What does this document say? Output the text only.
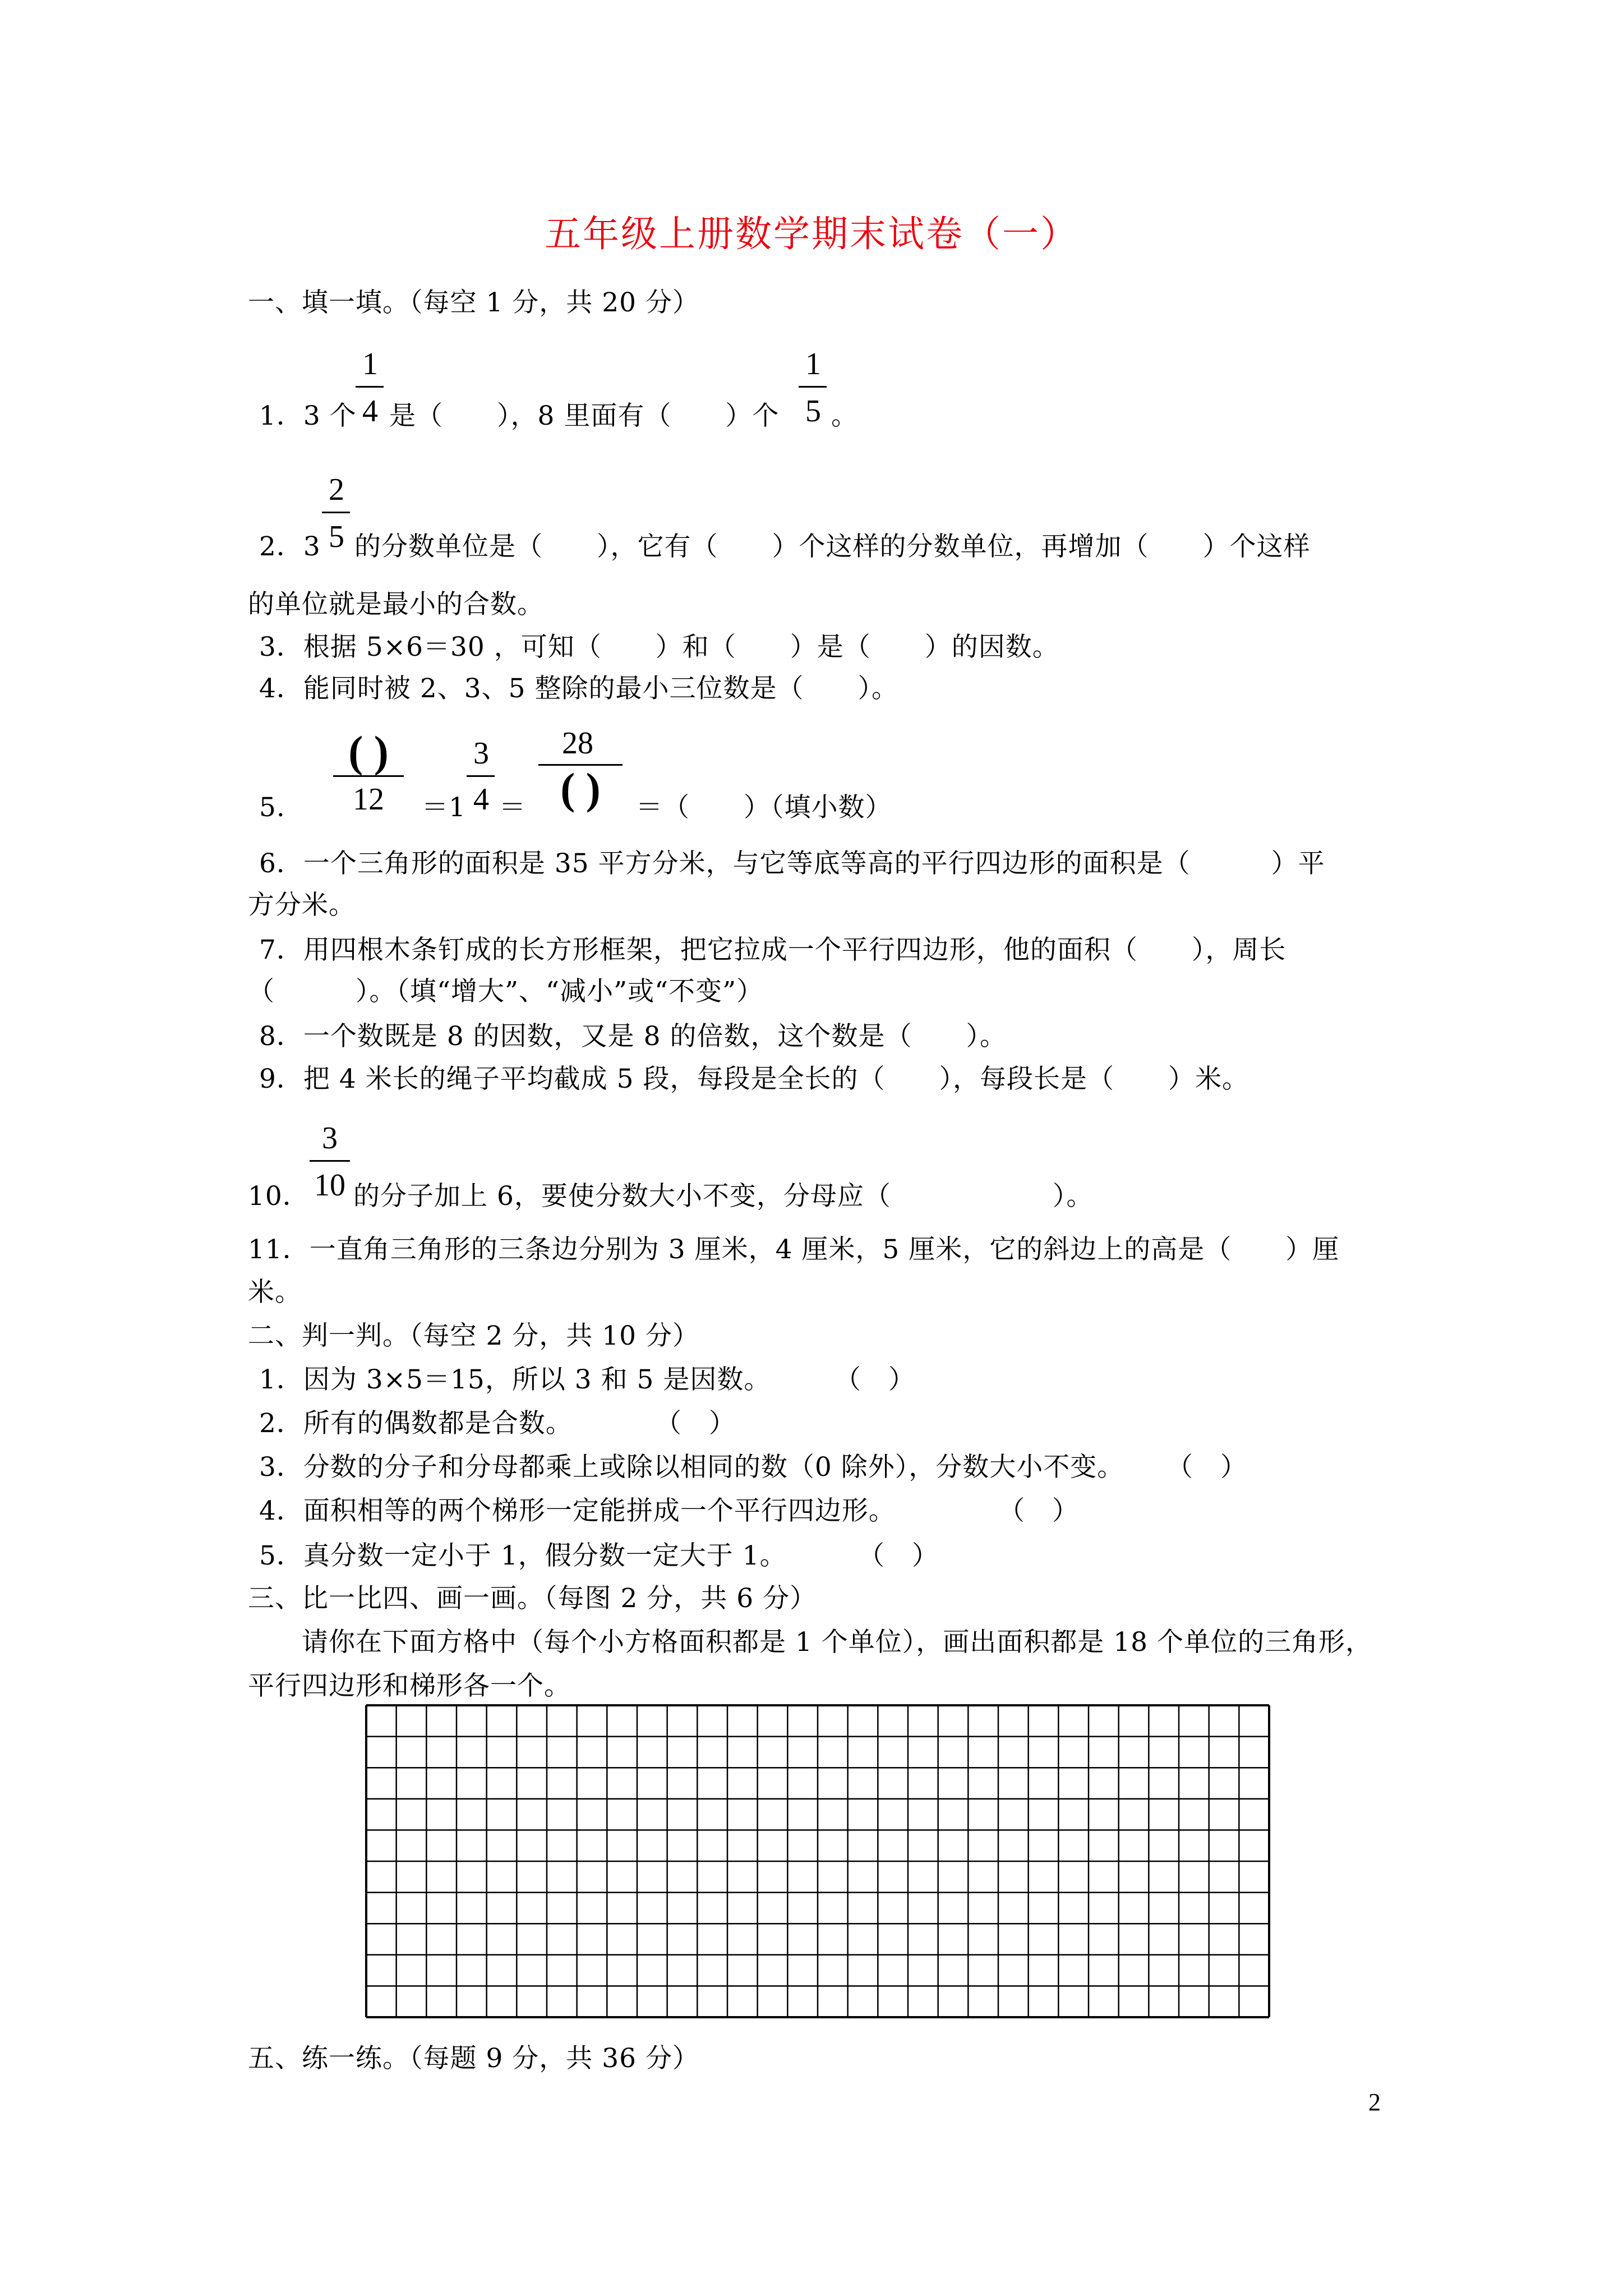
五年级上册数学期末试卷（一）
一、填一填。（每空 1 分，共 20 分）
1．3 个
1
4 是（　　），8 里面有（　　）个
1
5 。
2．3
2
5 的分数单位是（　　），它有（　　）个这样的分数单位，再增加（　　）个这样
的单位就是最小的合数。
3．根据 5×6＝30 ，可知（　　）和（　　）是（　　）的因数。
4．能同时被 2、3、5 整除的最小三位数是（　　）。
5.
( )
12	＝1
3
4 ＝
28
( )	＝（　　）（填小数）
6．一个三角形的面积是 35 平方分米，与它等底等高的平行四边形的面积是（　　　）平
方分米。
7．用四根木条钉成的长方形框架，把它拉成一个平行四边形，他的面积（　　），周长
（　　　）。（填“增大”、“减小”或“不变”）
8．一个数既是 8 的因数，又是 8 的倍数，这个数是（　　）。
9．把 4 米长的绳子平均截成 5 段，每段是全长的（　　），每段长是（　　）米。
10．
3
10 的分子加上 6，要使分数大小不变，分母应（　　　　　　）。
11．一直角三角形的三条边分别为 3 厘米，4 厘米，5 厘米，它的斜边上的高是（　　）厘
米。
二、判一判。（每空 2 分，共 10 分）
1．因为 3×5＝15，所以 3 和 5 是因数。 （　）
2．所有的偶数都是合数。	（　）
3．分数的分子和分母都乘上或除以相同的数（0 除外），分数大小不变。 （　）
4．面积相等的两个梯形一定能拼成一个平行四边形。	（　）
5．真分数一定小于 1，假分数一定大于 1。	（　）
三、比一比四、画一画。（每图 2 分，共 6 分）
请你在下面方格中（每个小方格面积都是 1 个单位），画出面积都是 18 个单位的三角形，
平行四边形和梯形各一个。
五、练一练。（每题 9 分，共 36 分）
2
